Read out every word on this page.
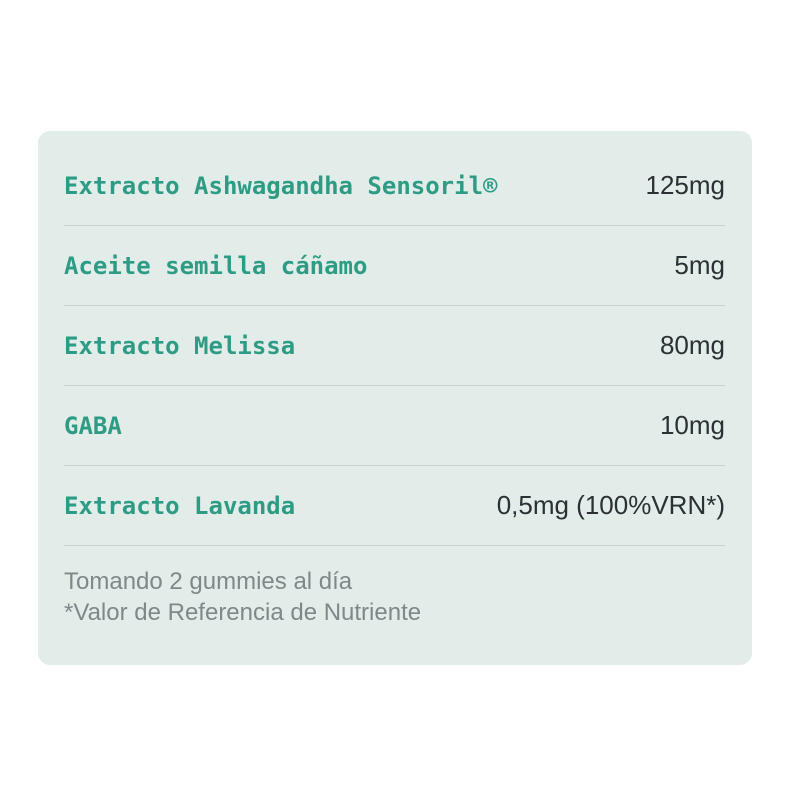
Extracto Ashwagandha Sensoril®	125mg
Aceite semilla cáñamo	5mg
Extracto Melissa	80mg
GABA	10mg
Extracto Lavanda	0,5mg (100%VRN*)
Tomando 2 gummies al día
*Valor de Referencia de Nutriente
